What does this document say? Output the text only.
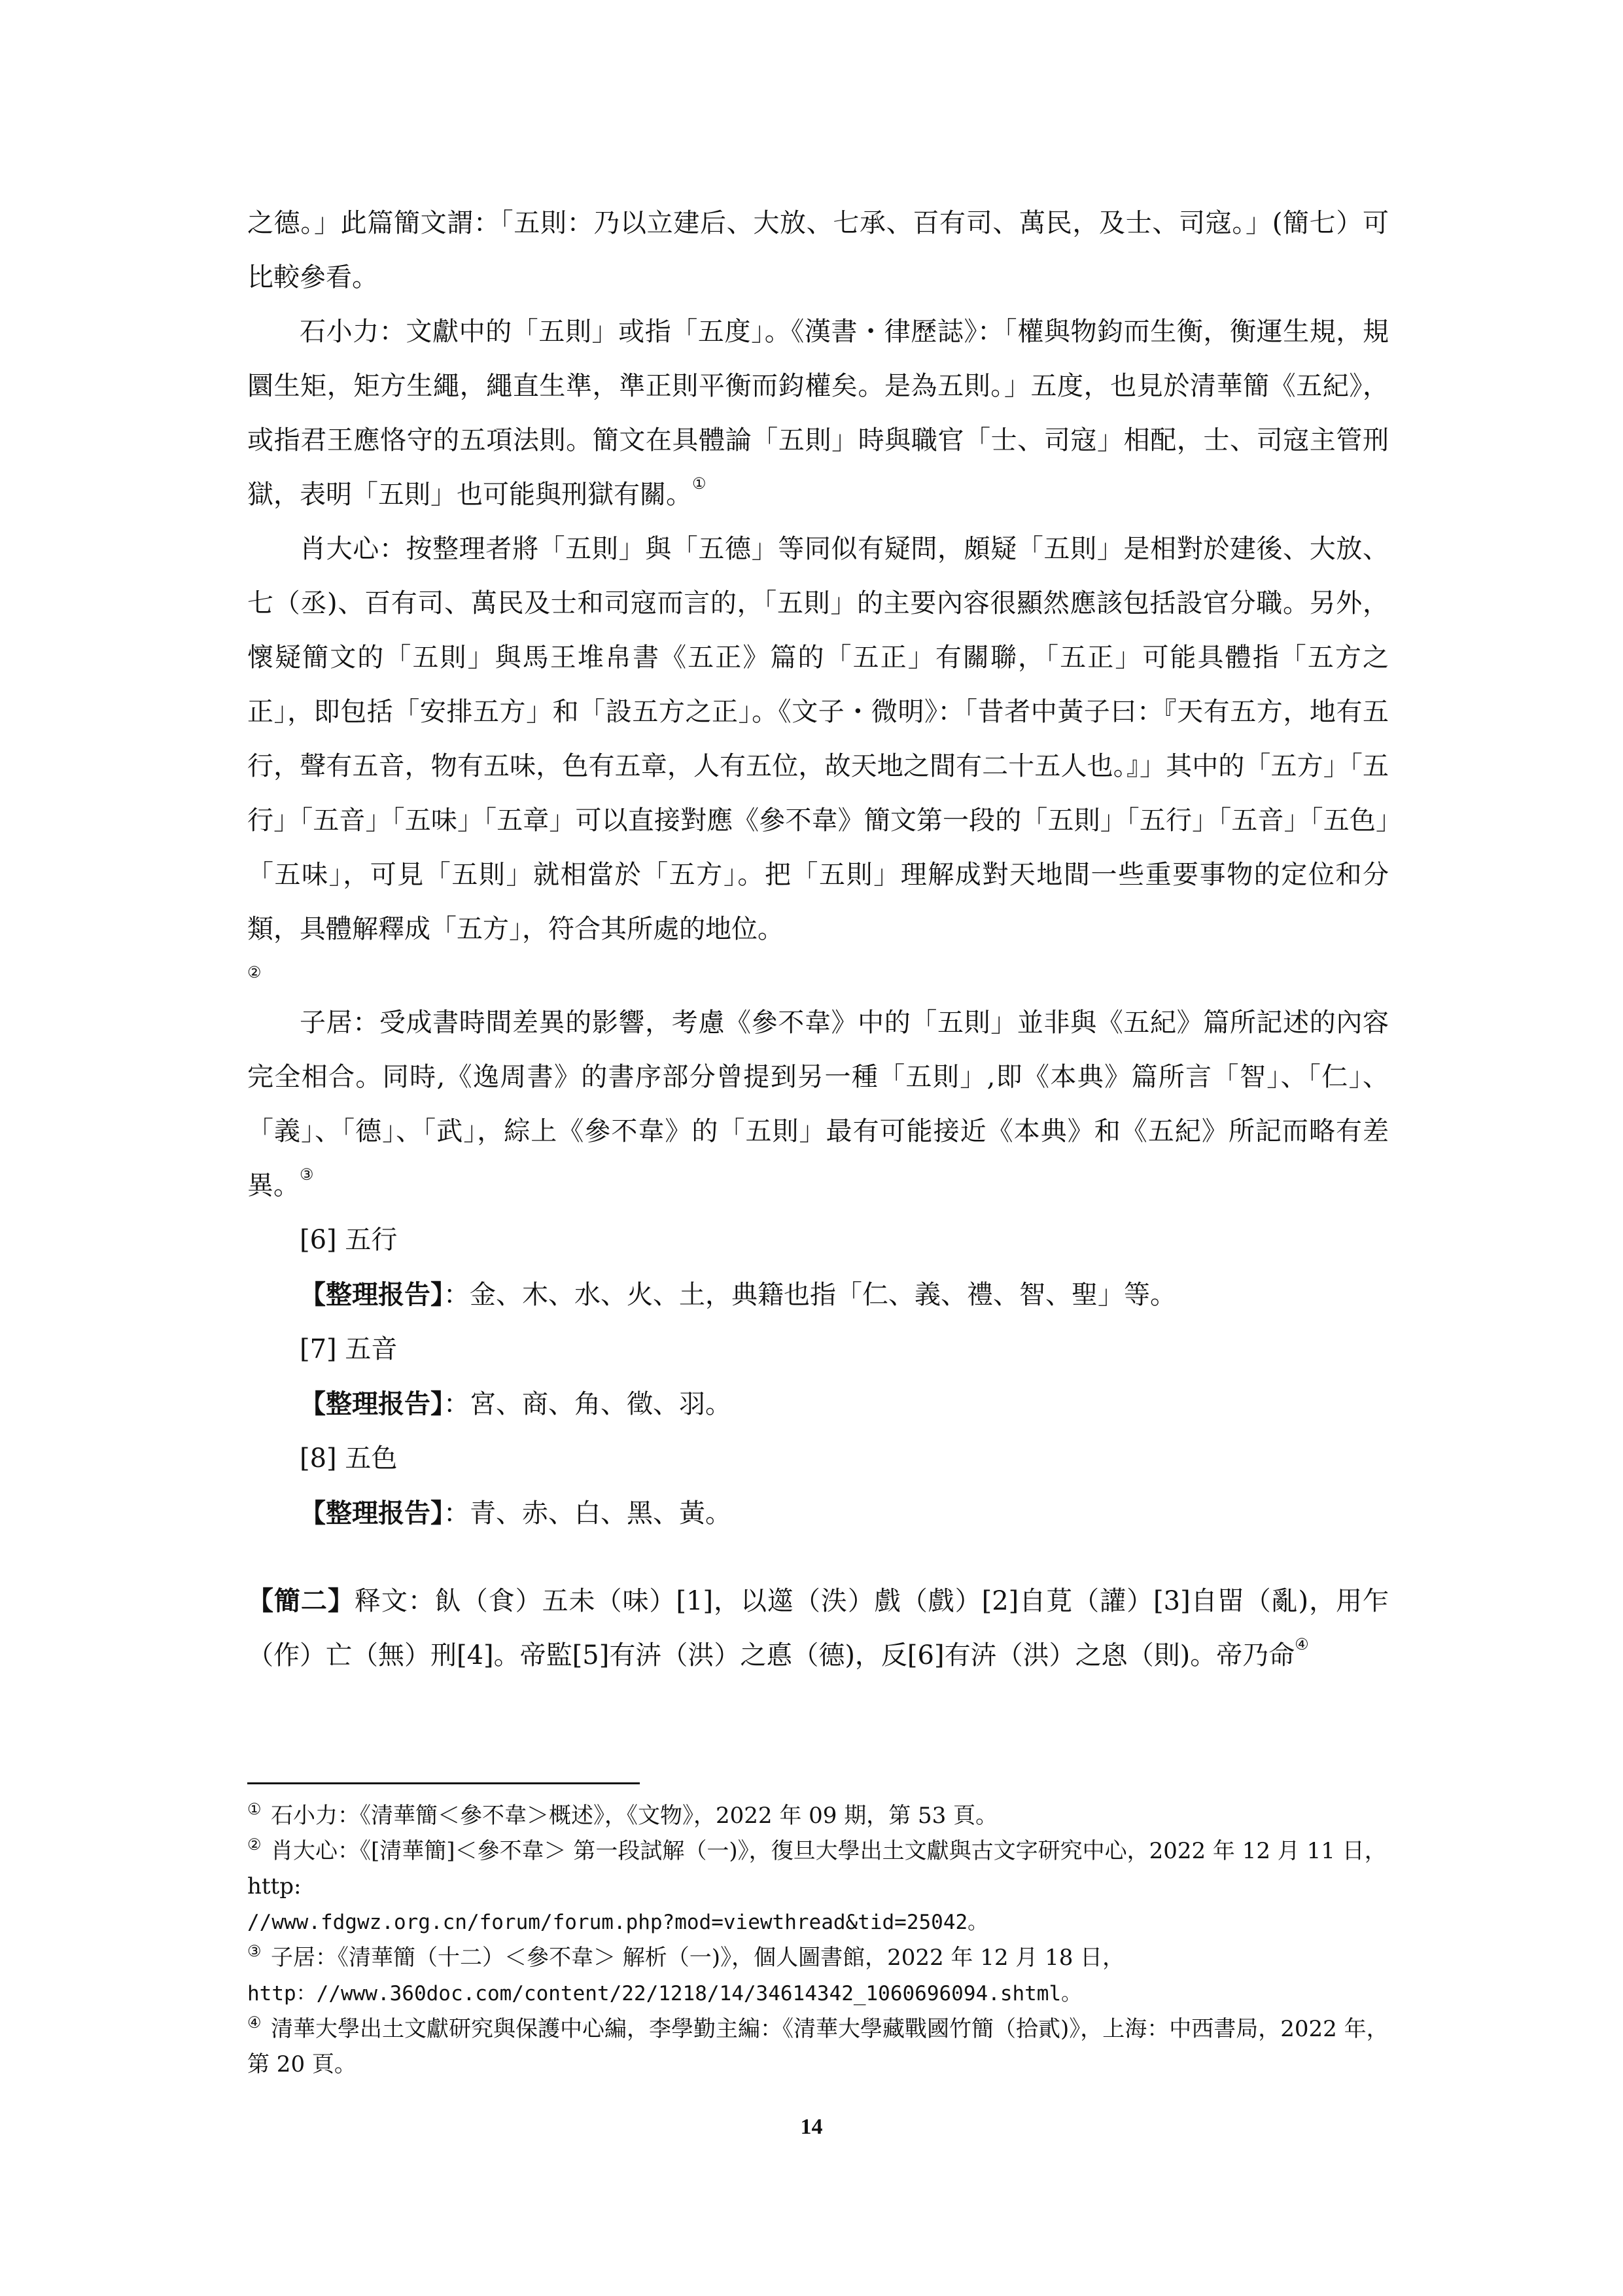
之德。」此篇簡文謂：「五則：乃以立建后、大放、七承、百有司、萬民，及士、司寇。」(簡七）可比較參看。

石小力：文獻中的「五則」或指「五度」。《漢書・律歷誌》：「權與物鈞而生衡，衡運生規，規圜生矩，矩方生繩，繩直生準，準正則平衡而鈞權矣。是為五則。」五度，也見於清華簡《五紀》，或指君王應恪守的五項法則。簡文在具體論「五則」時與職官「士、司寇」相配，士、司寇主管刑獄，表明「五則」也可能與刑獄有關。①

肖大心：按整理者將「五則」與「五德」等同似有疑問，頗疑「五則」是相對於建後、大放、七（丞)、百有司、萬民及士和司寇而言的，「五則」的主要內容很顯然應該包括設官分職。另外，懷疑簡文的「五則」與馬王堆帛書《五正》篇的「五正」有關聯，「五正」可能具體指「五方之正」，即包括「安排五方」和「設五方之正」。《文子・微明》：「昔者中黃子曰：『天有五方，地有五行，聲有五音，物有五味，色有五章，人有五位，故天地之間有二十五人也。』」其中的「五方」「五行」「五音」「五味」「五章」可以直接對應《參不韋》簡文第一段的「五則」「五行」「五音」「五色」「五味」，可見「五則」就相當於「五方」。把「五則」理解成對天地間一些重要事物的定位和分類，具體解釋成「五方」，符合其所處的地位。

②

子居：受成書時間差異的影響，考慮《參不韋》中的「五則」並非與《五紀》篇所記述的內容完全相合。同時,《逸周書》的書序部分曾提到另一種「五則」,即《本典》篇所言「智」、「仁」、「義」、「德」、「武」，綜上《參不韋》的「五則」最有可能接近《本典》和《五紀》所記而略有差異。③

[6] 五行

【整理报告】：金、木、水、火、土，典籍也指「仁、義、禮、智、聖」等。

[7] 五音

【整理报告】：宮、商、角、徵、羽。

[8] 五色

【整理报告】：青、赤、白、黑、黃。

【簡二】释文：飤（食）五未（味）[1]，以遾（泆）戲（戲）[2]自莧（讙）[3]自㽞（亂)，用乍（作）亡（無）刑[4]。帝監[5]有泋（洪）之悳（德)，反[6]有泋（洪）之恖（則)。帝乃命④

① 石小力：《清華簡＜參不韋＞概述》，《文物》，2022 年 09 期，第 53 頁。

② 肖大心：《[清華簡]＜參不韋＞ 第一段試解（一)》，復旦大學出土文獻與古文字研究中心，2022 年 12 月 11 日，http:

//www.fdgwz.org.cn/forum/forum.php?mod=viewthread&tid=25042。

③ 子居：《清華簡（十二）＜參不韋＞ 解析（一)》，個人圖書館，2022 年 12 月 18 日，

http：//www.360doc.com/content/22/1218/14/34614342_1060696094.shtml。

④ 清華大學出土文獻研究與保護中心編，李學勤主編：《清華大學藏戰國竹簡（拾貳)》，上海：中西書局，2022 年，第 20 頁。

14
